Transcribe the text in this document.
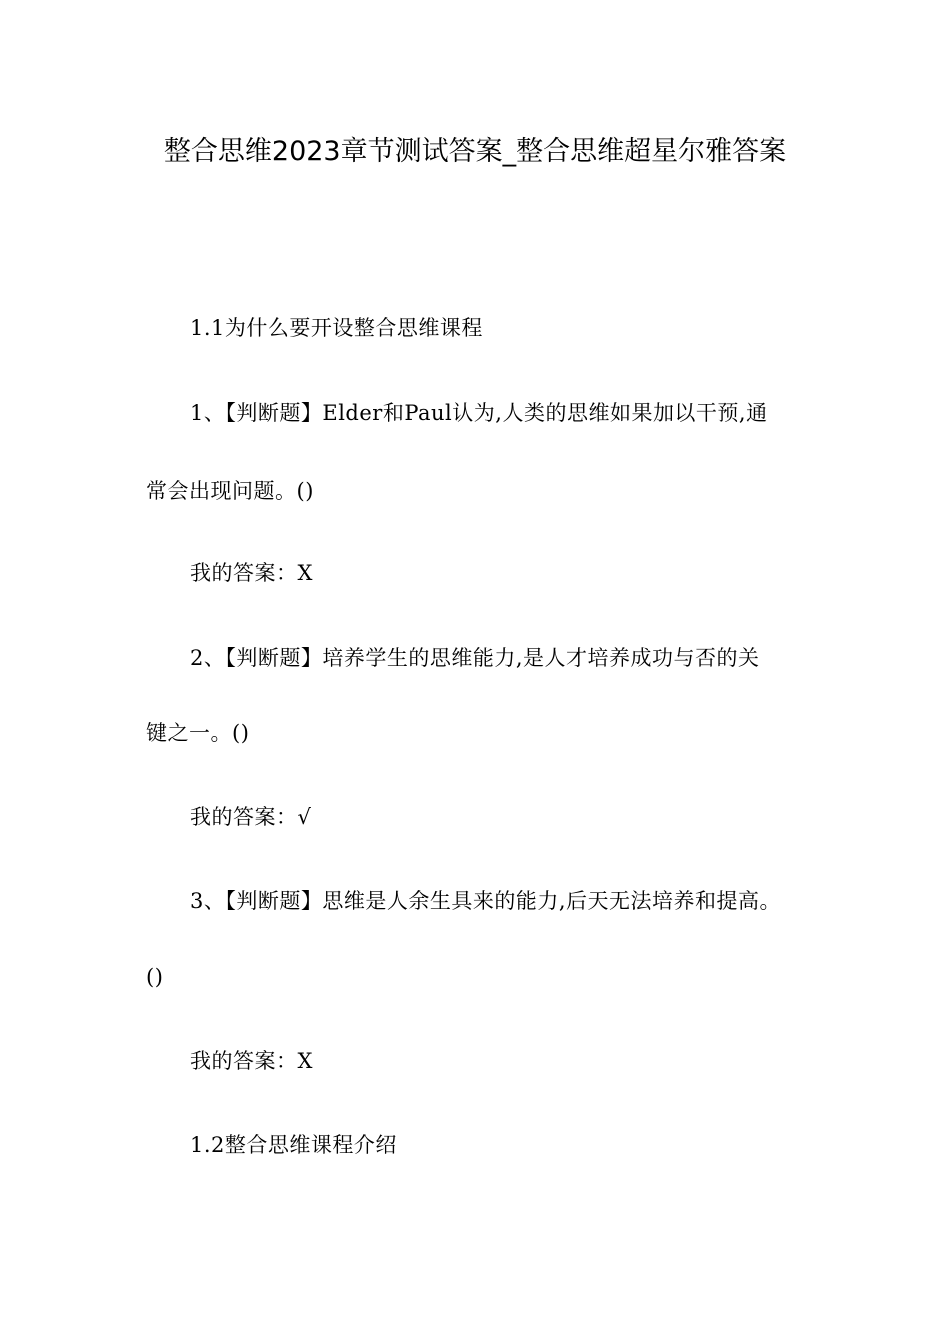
整合思维2023章节测试答案_整合思维超星尔雅答案
1.1为什么要开设整合思维课程
1、【判断题】Elder和Paul认为,人类的思维如果加以干预,通
常会出现问题。()
我的答案：X
2、【判断题】培养学生的思维能力,是人才培养成功与否的关
键之一。()
我的答案：√
3、【判断题】思维是人余生具来的能力,后天无法培养和提高。
()
我的答案：X
1.2整合思维课程介绍
